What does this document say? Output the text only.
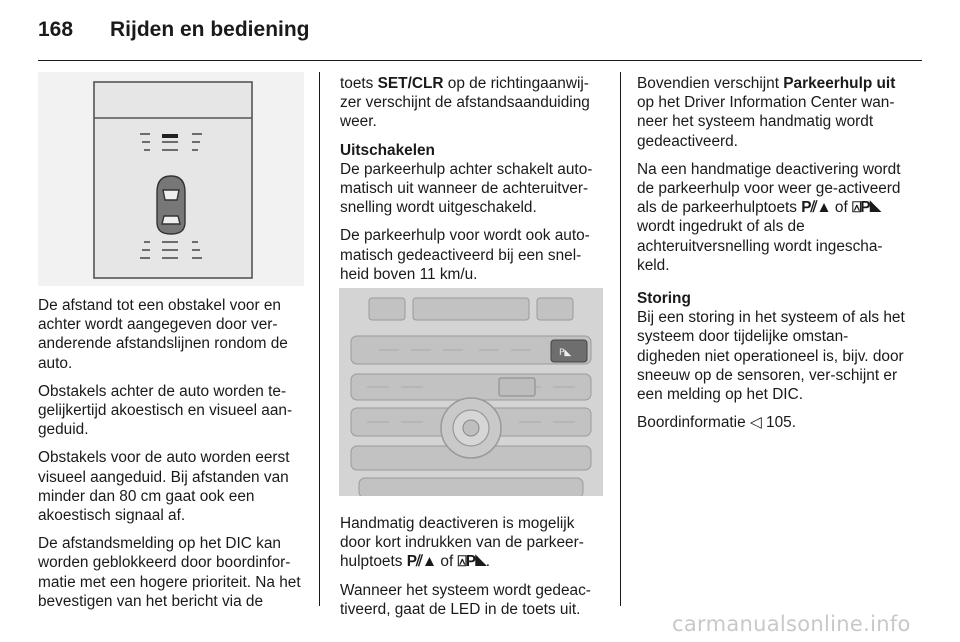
168 Rijden en bediening

De afstand tot een obstakel voor en achter wordt aangegeven door ver-anderende afstandslijnen rondom de auto.

Obstakels achter de auto worden te-gelijkertijd akoestisch en visueel aan-geduid.

Obstakels voor de auto worden eerst visueel aangeduid. Bij afstanden van minder dan 80 cm gaat ook een akoestisch signaal af.

De afstandsmelding op het DIC kan worden geblokkeerd door boordinfor-matie met een hogere prioriteit. Na het bevestigen van het bericht via de

toets SET/CLR op de richtingaanwij-zer verschijnt de afstandsaanduiding weer.

Uitschakelen
De parkeerhulp achter schakelt auto-matisch uit wanneer de achteruitver-snelling wordt uitgeschakeld.

De parkeerhulp voor wordt ook auto-matisch gedeactiveerd bij een snel-heid boven 11 km/u.

P◣

Handmatig deactiveren is mogelijk door kort indrukken van de parkeer-hulptoets P⫽▲ of ⍓P◣.

Wanneer het systeem wordt gedeac-tiveerd, gaat de LED in de toets uit.

Bovendien verschijnt Parkeerhulp uit op het Driver Information Center wan-neer het systeem handmatig wordt gedeactiveerd.

Na een handmatige deactivering wordt de parkeerhulp voor weer ge-activeerd als de parkeerhulptoets P⫽▲ of ⍓P◣ wordt ingedrukt of als de achteruitversnelling wordt ingescha-keld.

Storing
Bij een storing in het systeem of als het systeem door tijdelijke omstan-digheden niet operationeel is, bijv. door sneeuw op de sensoren, ver-schijnt er een melding op het DIC.

Boordinformatie ◁ 105.

carmanualsonline.info
